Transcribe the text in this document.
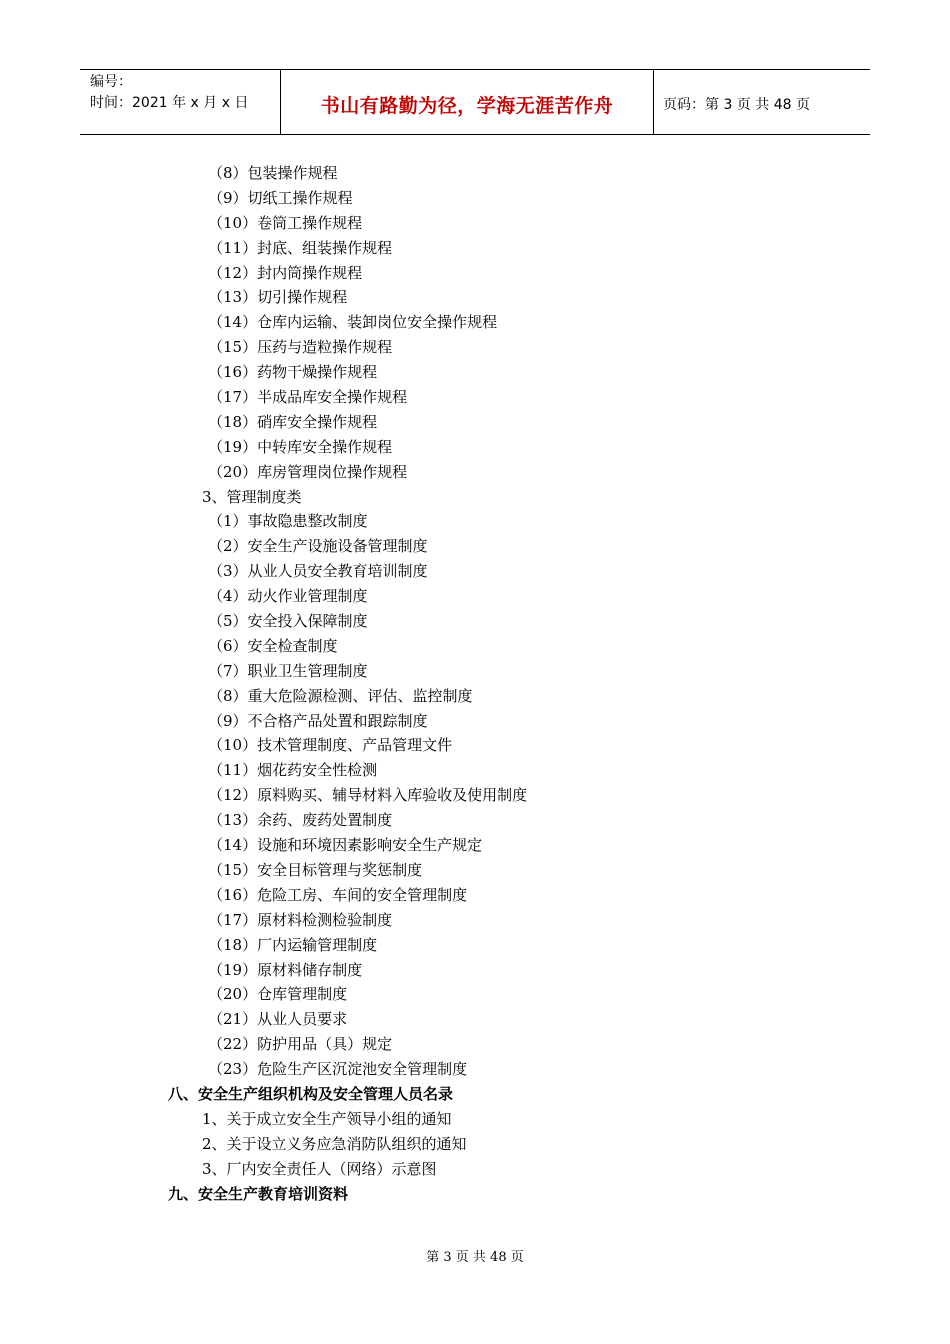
编号：
时间：2021 年 x 月 x 日	书山有路勤为径，学海无涯苦作舟	页码：第 3 页 共 48 页
（8）包装操作规程
（9）切纸工操作规程
（10）卷筒工操作规程
（11）封底、组装操作规程
（12）封内筒操作规程
（13）切引操作规程
（14）仓库内运输、装卸岗位安全操作规程
（15）压药与造粒操作规程
（16）药物干燥操作规程
（17）半成品库安全操作规程
（18）硝库安全操作规程
（19）中转库安全操作规程
（20）库房管理岗位操作规程
3、管理制度类
（1）事故隐患整改制度
（2）安全生产设施设备管理制度
（3）从业人员安全教育培训制度
（4）动火作业管理制度
（5）安全投入保障制度
（6）安全检查制度
（7）职业卫生管理制度
（8）重大危险源检测、评估、监控制度
（9）不合格产品处置和跟踪制度
（10）技术管理制度、产品管理文件
（11）烟花药安全性检测
（12）原料购买、辅导材料入库验收及使用制度
（13）余药、废药处置制度
（14）设施和环境因素影响安全生产规定
（15）安全目标管理与奖惩制度
（16）危险工房、车间的安全管理制度
（17）原材料检测检验制度
（18）厂内运输管理制度
（19）原材料储存制度
（20）仓库管理制度
（21）从业人员要求
（22）防护用品（具）规定
（23）危险生产区沉淀池安全管理制度
八、安全生产组织机构及安全管理人员名录
1、关于成立安全生产领导小组的通知
2、关于设立义务应急消防队组织的通知
3、厂内安全责任人（网络）示意图
九、安全生产教育培训资料
第 3 页 共 48 页
